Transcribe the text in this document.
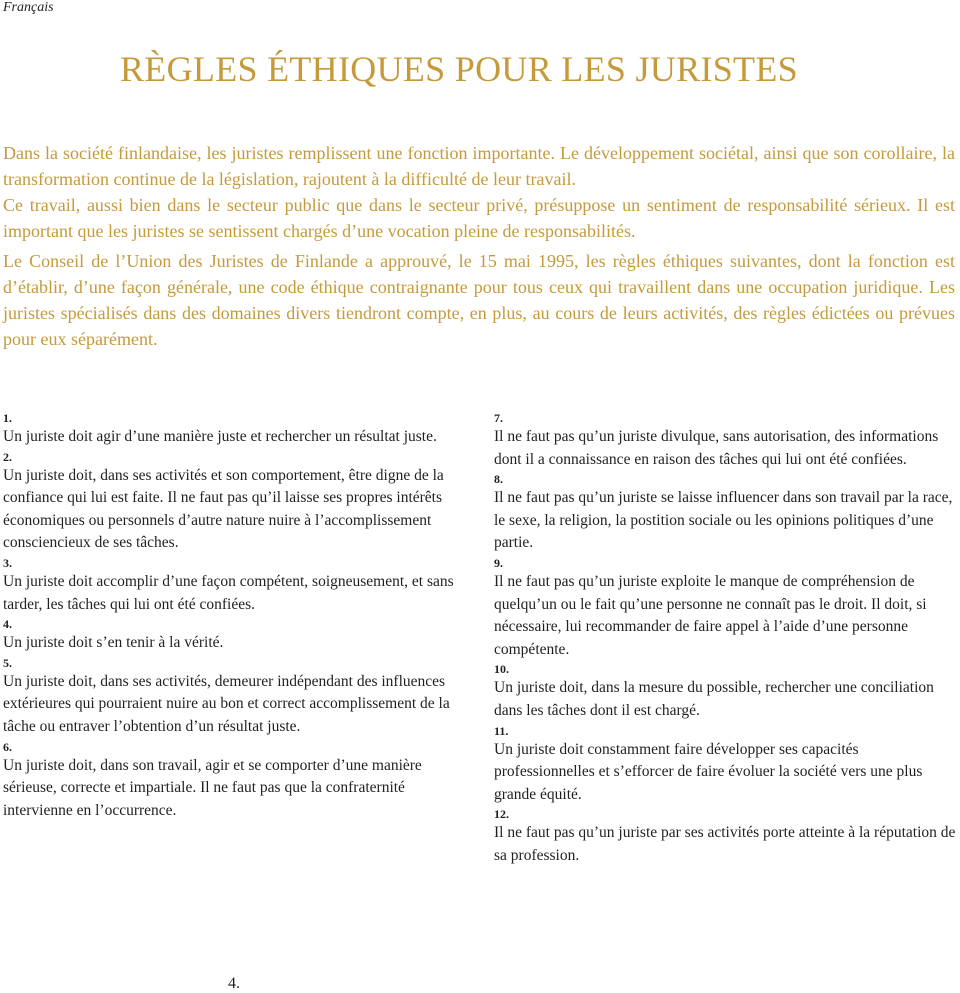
Français
RÈGLES ÉTHIQUES POUR LES JURISTES

Dans la société finlandaise, les juristes remplissent une fonction importante. Le développement sociétal, ainsi que son corollaire, la transformation continue de la législation, rajoutent à la difficulté de leur travail.

Ce travail, aussi bien dans le secteur public que dans le secteur privé, présuppose un sentiment de responsabilité sérieux. Il est important que les juristes se sentissent chargés d’une vocation pleine de responsabilités.

Le Conseil de l’Union des Juristes de Finlande a approuvé, le 15 mai 1995, les règles éthiques suivantes, dont la fonction est d’établir, d’une façon générale, une code éthique contraignante pour tous ceux qui travaillent dans une occupation juridique. Les juristes spécialisés dans des domaines divers tiendront compte, en plus, au cours de leurs activités, des règles édictées ou prévues pour eux séparément.

1.
Un juriste doit agir d’une manière juste et rechercher un résultat juste.
2.
Un juriste doit, dans ses activités et son comportement, être digne de la confiance qui lui est faite. Il ne faut pas qu’il laisse ses propres intérêts économiques ou personnels d’autre nature nuire à l’accomplissement consciencieux de ses tâches.
3.
Un juriste doit accomplir d’une façon compétent, soigneusement, et sans tarder, les tâches qui lui ont été confiées.
4.
Un juriste doit s’en tenir à la vérité.
5.
Un juriste doit, dans ses activités, demeurer indépendant des influences extérieures qui pourraient nuire au bon et correct accomplissement de la tâche ou entraver l’obtention d’un résultat juste.
6.
Un juriste doit, dans son travail, agir et se comporter d’une manière sérieuse, correcte et impartiale. Il ne faut pas que la confraternité intervienne en l’occurrence.
7.
Il ne faut pas qu’un juriste divulque, sans autorisation, des informations dont il a connaissance en raison des tâches qui lui ont été confiées.
8.
Il ne faut pas qu’un juriste se laisse influencer dans son travail par la race, le sexe, la religion, la postition sociale ou les opinions politiques d’une partie.
9.
Il ne faut pas qu’un juriste exploite le manque de compréhension de quelqu’un ou le fait qu’une personne ne connaît pas le droit. Il doit, si nécessaire, lui recommander de faire appel à l’aide d’une personne compétente.
10.
Un juriste doit, dans la mesure du possible, rechercher une conciliation dans les tâches dont il est chargé.
11.
Un juriste doit constamment faire développer ses capacités professionnelles et s’efforcer de faire évoluer la société vers une plus grande équité.
12.
Il ne faut pas qu’un juriste par ses activités porte atteinte à la réputation de sa profession.
4.
